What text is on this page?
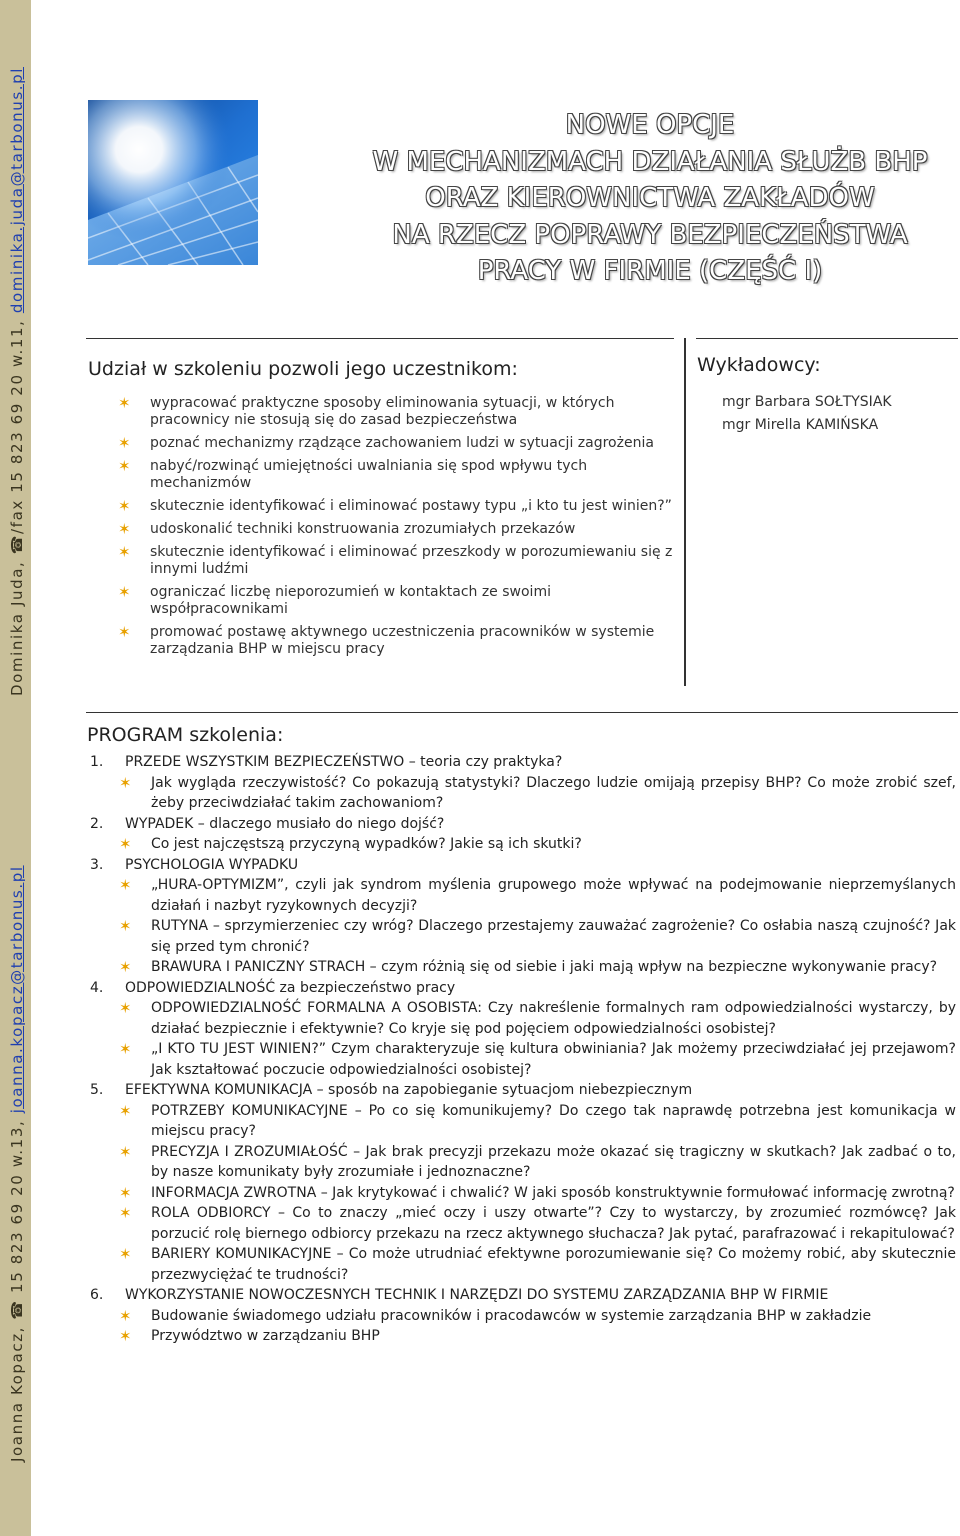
Dominika Juda, ☎/fax 15 823 69 20 w.11, dominika.juda@tarbonus.pl
Joanna Kopacz, ☎ 15 823 69 20 w.13, joanna.kopacz@tarbonus.pl
NOWE OPCJE
W MECHANIZMACH DZIAŁANIA SŁUŻB BHP
ORAZ KIEROWNICTWA ZAKŁADÓW
NA RZECZ POPRAWY BEZPIECZEŃSTWA
PRACY W FIRMIE (CZĘŚĆ I)
Udział w szkoleniu pozwoli jego uczestnikom:
✶ wypracować praktyczne sposoby eliminowania sytuacji, w których pracownicy nie stosują się do zasad bezpieczeństwa
✶ poznać mechanizmy rządzące zachowaniem ludzi w sytuacji zagrożenia
✶ nabyć/rozwinąć umiejętności uwalniania się spod wpływu tych mechanizmów
✶ skutecznie identyfikować i eliminować postawy typu „i kto tu jest winien?”
✶ udoskonalić techniki konstruowania zrozumiałych przekazów
✶ skutecznie identyfikować i eliminować przeszkody w porozumiewaniu się z innymi ludźmi
✶ ograniczać liczbę nieporozumień w kontaktach ze swoimi współpracownikami
✶ promować postawę aktywnego uczestniczenia pracowników w systemie zarządzania BHP w miejscu pracy
Wykładowcy:
mgr Barbara SOŁTYSIAK
mgr Mirella KAMIŃSKA
PROGRAM szkolenia:
1. PRZEDE WSZYSTKIM BEZPIECZEŃSTWO – teoria czy praktyka?
✶ Jak wygląda rzeczywistość? Co pokazują statystyki? Dlaczego ludzie omijają przepisy BHP? Co może zrobić szef, żeby przeciwdziałać takim zachowaniom?
2. WYPADEK – dlaczego musiało do niego dojść?
✶ Co jest najczęstszą przyczyną wypadków? Jakie są ich skutki?
3. PSYCHOLOGIA WYPADKU
✶ „HURA-OPTYMIZM”, czyli jak syndrom myślenia grupowego może wpływać na podejmowanie nieprzemyślanych działań i nazbyt ryzykownych decyzji?
✶ RUTYNA – sprzymierzeniec czy wróg? Dlaczego przestajemy zauważać zagrożenie? Co osłabia naszą czujność? Jak się przed tym chronić?
✶ BRAWURA I PANICZNY STRACH – czym różnią się od siebie i jaki mają wpływ na bezpieczne wykonywanie pracy?
4. ODPOWIEDZIALNOŚĆ za bezpieczeństwo pracy
✶ ODPOWIEDZIALNOŚĆ FORMALNA A OSOBISTA: Czy nakreślenie formalnych ram odpowiedzialności wystarczy, by działać bezpiecznie i efektywnie? Co kryje się pod pojęciem odpowiedzialności osobistej?
✶ „I KTO TU JEST WINIEN?” Czym charakteryzuje się kultura obwiniania? Jak możemy przeciwdziałać jej przejawom? Jak kształtować poczucie odpowiedzialności osobistej?
5. EFEKTYWNA KOMUNIKACJA – sposób na zapobieganie sytuacjom niebezpiecznym
✶ POTRZEBY KOMUNIKACYJNE – Po co się komunikujemy? Do czego tak naprawdę potrzebna jest komunikacja w miejscu pracy?
✶ PRECYZJA I ZROZUMIAŁOŚĆ – Jak brak precyzji przekazu może okazać się tragiczny w skutkach? Jak zadbać o to, by nasze komunikaty były zrozumiałe i jednoznaczne?
✶ INFORMACJA ZWROTNA – Jak krytykować i chwalić? W jaki sposób konstruktywnie formułować informację zwrotną?
✶ ROLA ODBIORCY – Co to znaczy „mieć oczy i uszy otwarte”? Czy to wystarczy, by zrozumieć rozmówcę? Jak porzucić rolę biernego odbiorcy przekazu na rzecz aktywnego słuchacza? Jak pytać, parafrazować i rekapitulować?
✶ BARIERY KOMUNIKACYJNE – Co może utrudniać efektywne porozumiewanie się? Co możemy robić, aby skutecznie przezwyciężać te trudności?
6. WYKORZYSTANIE NOWOCZESNYCH TECHNIK I NARZĘDZI DO SYSTEMU ZARZĄDZANIA BHP W FIRMIE
✶ Budowanie świadomego udziału pracowników i pracodawców w systemie zarządzania BHP w zakładzie
✶ Przywództwo w zarządzaniu BHP
